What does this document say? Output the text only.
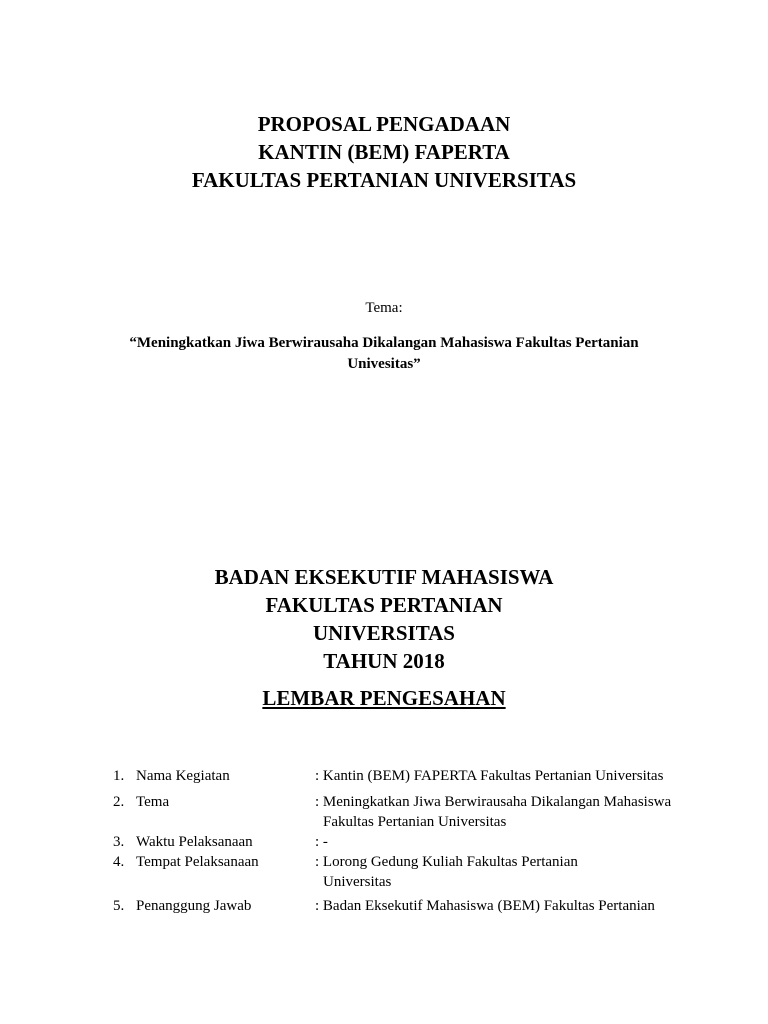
PROPOSAL PENGADAAN
KANTIN (BEM) FAPERTA
FAKULTAS PERTANIAN UNIVERSITAS
Tema:
“Meningkatkan Jiwa Berwirausaha Dikalangan Mahasiswa Fakultas Pertanian Univesitas”
BADAN EKSEKUTIF MAHASISWA
FAKULTAS PERTANIAN
UNIVERSITAS
TAHUN 2018
LEMBAR PENGESAHAN
1. Nama Kegiatan	: Kantin (BEM) FAPERTA Fakultas Pertanian Universitas
2. Tema	: Meningkatkan Jiwa Berwirausaha Dikalangan Mahasiswa
Fakultas Pertanian Universitas
3. Waktu Pelaksanaan	: -
4. Tempat Pelaksanaan	: Lorong Gedung Kuliah Fakultas Pertanian
Universitas
5. Penanggung Jawab	: Badan Eksekutif Mahasiswa (BEM) Fakultas Pertanian
